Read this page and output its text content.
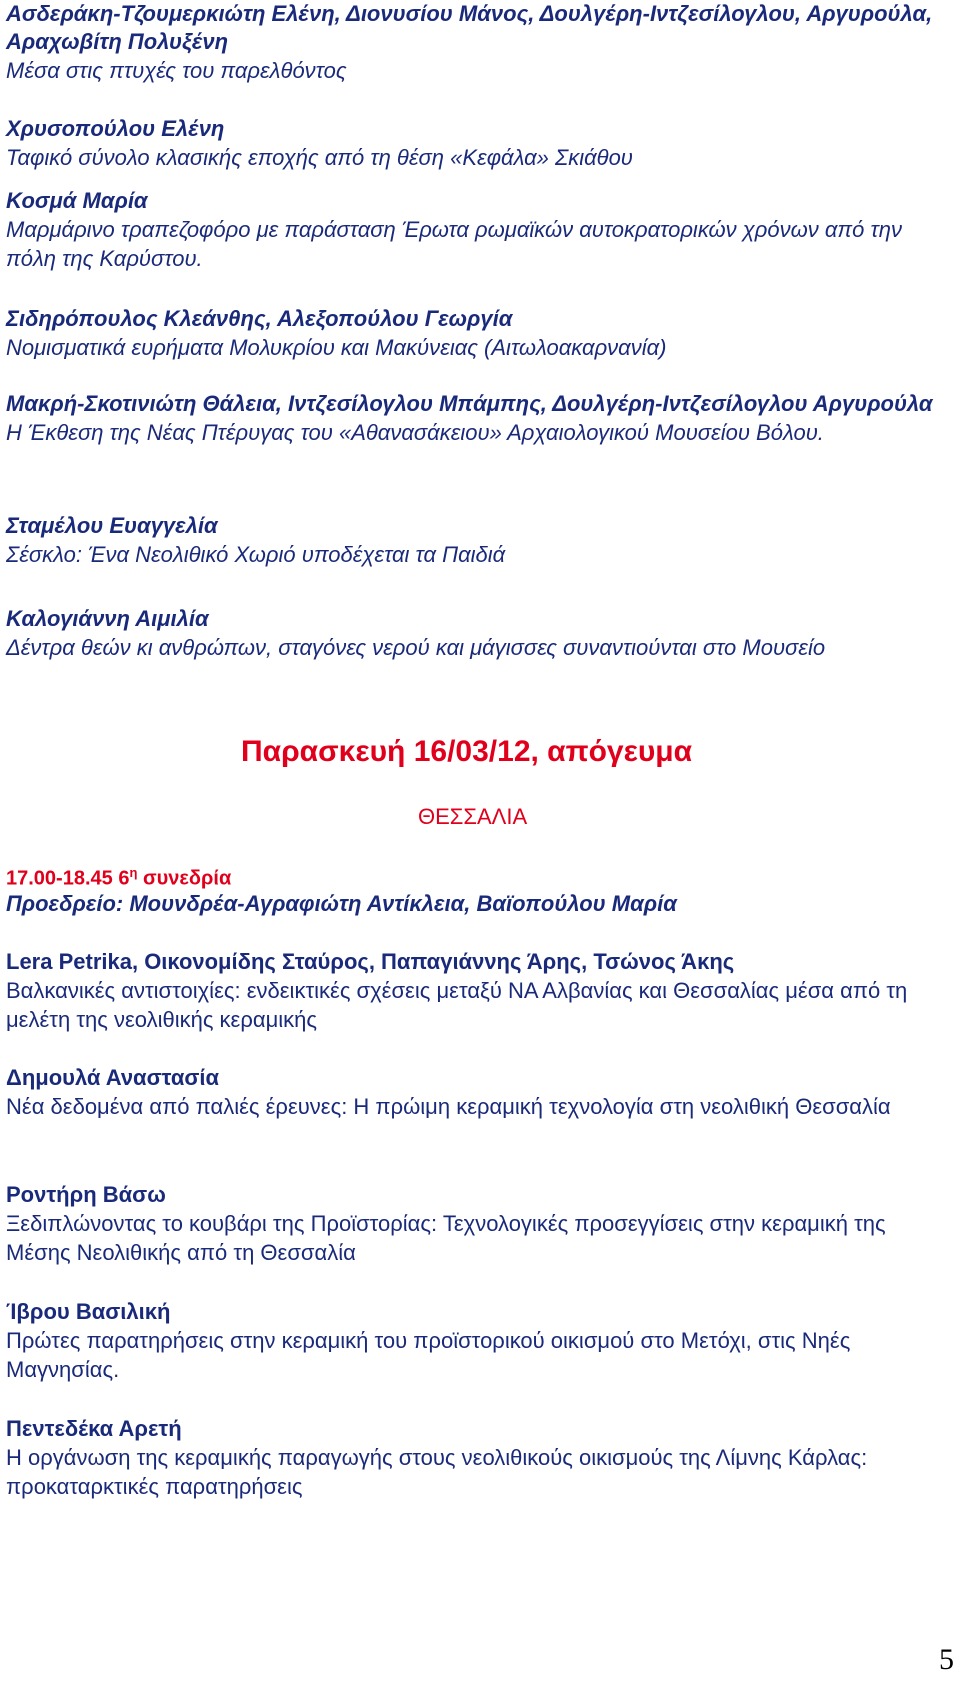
Ασδεράκη-Τζουμερκιώτη Ελένη, Διονυσίου Μάνος, Δουλγέρη-Ιντζεσίλογλου, Αργυρούλα, Αραχωβίτη Πολυξένη
Μέσα στις πτυχές του παρελθόντος
Χρυσοπούλου Ελένη
Ταφικό σύνολο κλασικής εποχής από τη θέση «Κεφάλα» Σκιάθου
Κοσμά Μαρία
Μαρμάρινο τραπεζοφόρο με παράσταση Έρωτα ρωμαϊκών αυτοκρατορικών χρόνων από την πόλη της Καρύστου.
Σιδηρόπουλος Κλεάνθης, Αλεξοπούλου Γεωργία
Νομισματικά ευρήματα Μολυκρίου και Μακύνειας (Αιτωλοακαρνανία)
Μακρή-Σκοτινιώτη Θάλεια, Ιντζεσίλογλου Μπάμπης, Δουλγέρη-Ιντζεσίλογλου Αργυρούλα
Η Έκθεση της Νέας Πτέρυγας του «Αθανασάκειου» Αρχαιολογικού Μουσείου Βόλου.
Σταμέλου Ευαγγελία
Σέσκλο: Ένα Νεολιθικό Χωριό υποδέχεται τα Παιδιά
Καλογιάννη Αιμιλία
Δέντρα θεών κι ανθρώπων, σταγόνες νερού και μάγισσες συναντιούνται στο Μουσείο
Παρασκευή 16/03/12, απόγευμα
ΘΕΣΣΑΛΙΑ
17.00-18.45 $6^\eta$ συνεδρία
Προεδρείο: Μουνδρέα-Αγραφιώτη Αντίκλεια, Βαϊοπούλου Μαρία
Lera Petrika, Οικονομίδης Σταύρος, Παπαγιάννης Άρης, Τσώνος Άκης
Βαλκανικές αντιστοιχίες: ενδεικτικές σχέσεις μεταξύ ΝΑ Αλβανίας και Θεσσαλίας μέσα από τη μελέτη της νεολιθικής κεραμικής
Δημουλά Αναστασία
Νέα δεδομένα από παλιές έρευνες: Η πρώιμη κεραμική τεχνολογία στη νεολιθική Θεσσαλία
Ροντήρη Βάσω
Ξεδιπλώνοντας το κουβάρι της Προϊστορίας: Τεχνολογικές προσεγγίσεις στην κεραμική της Μέσης Νεολιθικής από τη Θεσσαλία
Ίβρου Βασιλική
Πρώτες παρατηρήσεις στην κεραμική του προϊστορικού οικισμού στο Μετόχι, στις Νηές Μαγνησίας.
Πεντεδέκα Αρετή
Η οργάνωση της κεραμικής παραγωγής στους νεολιθικούς οικισμούς της Λίμνης Κάρλας: προκαταρκτικές παρατηρήσεις
5
